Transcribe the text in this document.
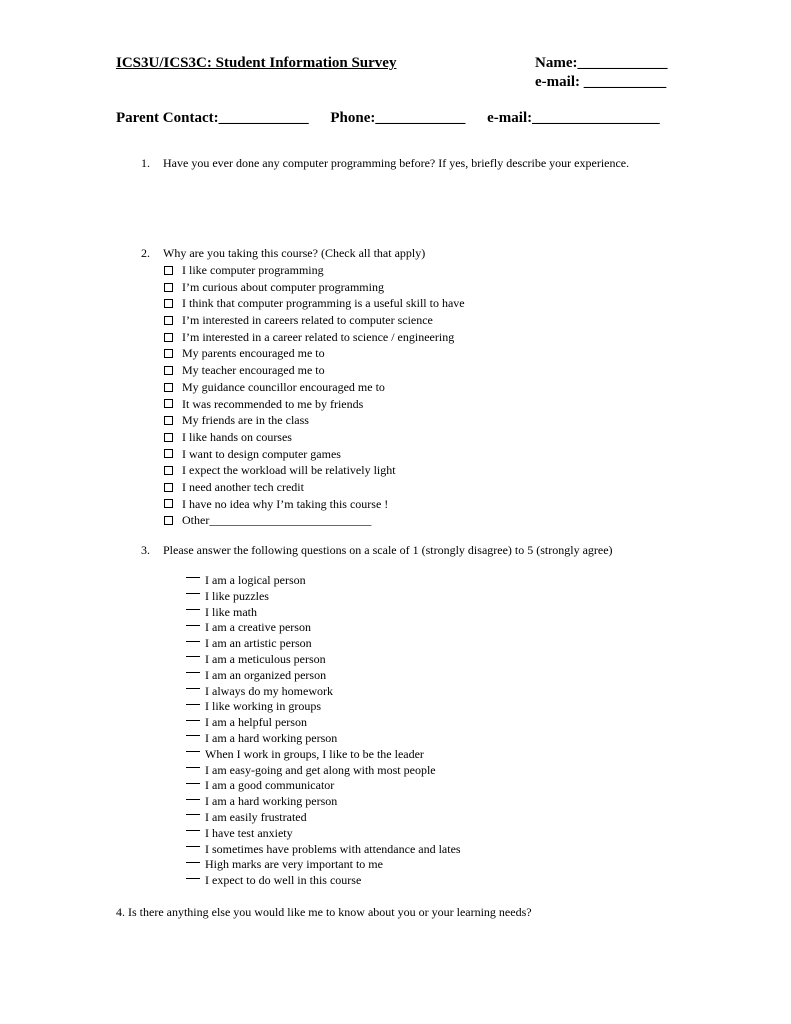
ICS3U/ICS3C: Student Information Survey	Name:____________
e-mail: ___________
Parent Contact:____________ Phone:____________ e-mail:_________________
1. Have you ever done any computer programming before? If yes, briefly describe your experience.
2. Why are you taking this course? (Check all that apply)
I like computer programming
I’m curious about computer programming
I think that computer programming is a useful skill to have
I’m interested in careers related to computer science
I’m interested in a career related to science / engineering
My parents encouraged me to
My teacher encouraged me to
My guidance councillor encouraged me to
It was recommended to me by friends
My friends are in the class
I like hands on courses
I want to design computer games
I expect the workload will be relatively light
I need another tech credit
I have no idea why I’m taking this course !
Other___________________________
3. Please answer the following questions on a scale of 1 (strongly disagree) to 5 (strongly agree)
I am a logical person
I like puzzles
I like math
I am a creative person
I am an artistic person
I am a meticulous person
I am an organized person
I always do my homework
I like working in groups
I am a helpful person
I am a hard working person
When I work in groups, I like to be the leader
I am easy-going and get along with most people
I am a good communicator
I am a hard working person
I am easily frustrated
I have test anxiety
I sometimes have problems with attendance and lates
High marks are very important to me
I expect to do well in this course
4. Is there anything else you would like me to know about you or your learning needs?
